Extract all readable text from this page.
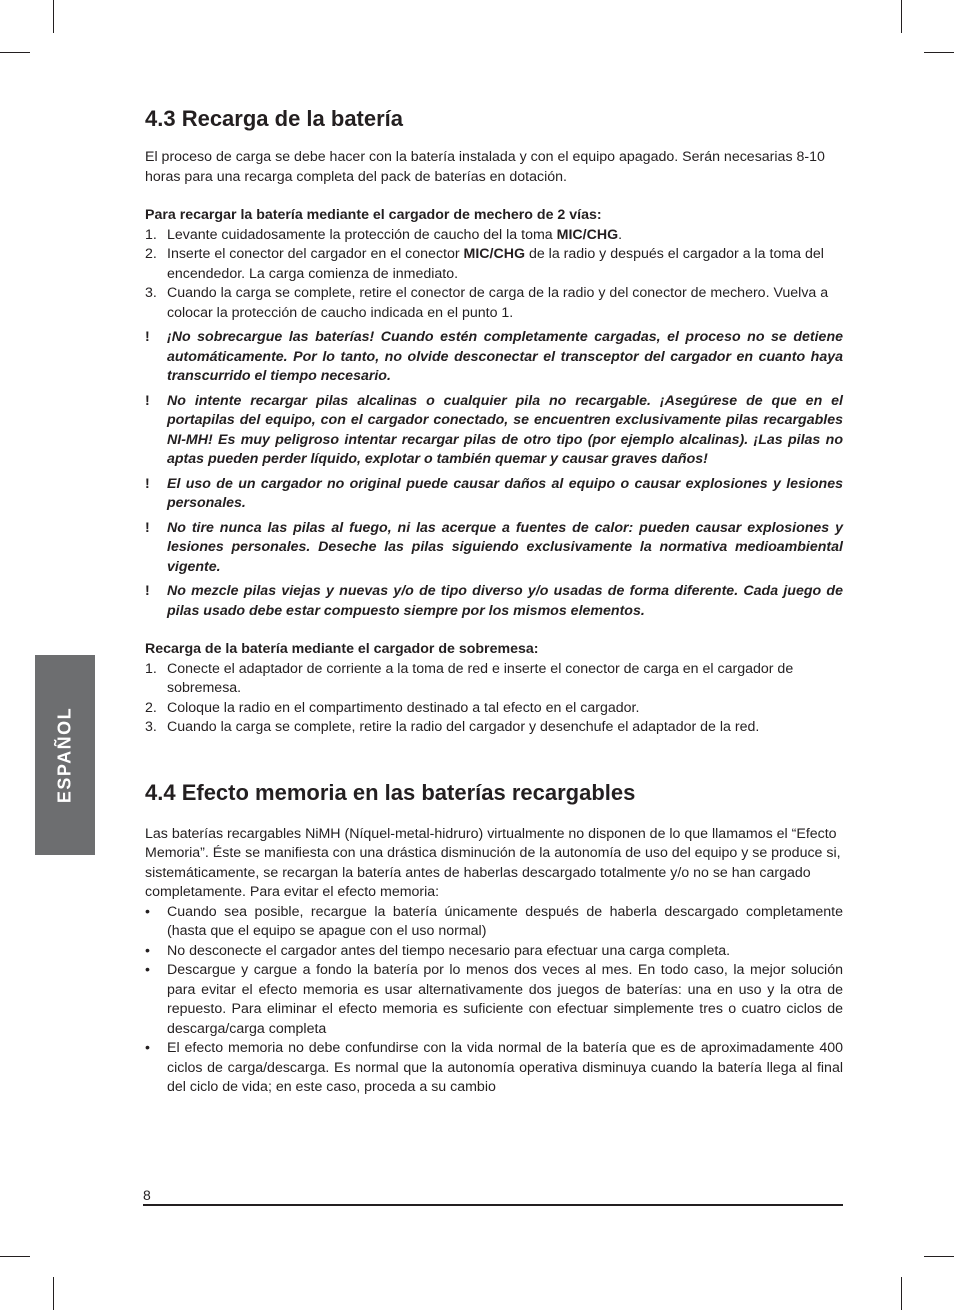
ESPAÑOL
4.3 Recarga de la batería

El proceso de carga se debe hacer con la batería instalada y con el equipo apagado. Serán necesarias 8-10 horas para una recarga completa del pack de baterías en dotación.

Para recargar la batería mediante el cargador de mechero de 2 vías:

1. Levante cuidadosamente la protección de caucho del la toma MIC/CHG.
2. Inserte el conector del cargador en el conector MIC/CHG de la radio y después el cargador a la toma del encendedor. La carga comienza de inmediato.
3. Cuando la carga se complete, retire el conector de carga de la radio y del conector de mechero. Vuelva a colocar la protección de caucho indicada en el punto 1.
! ¡No sobrecargue las baterías! Cuando estén completamente cargadas, el proceso no se detiene automáticamente. Por lo tanto, no olvide desconectar el transceptor del cargador en cuanto haya transcurrido el tiempo necesario.
! No intente recargar pilas alcalinas o cualquier pila no recargable. ¡Asegúrese de que en el portapilas del equipo, con el cargador conectado, se encuentren exclusivamente pilas recargables NI-MH! Es muy peligroso intentar recargar pilas de otro tipo (por ejemplo alcalinas). ¡Las pilas no aptas pueden perder líquido, explotar o también quemar y causar graves daños!
! El uso de un cargador no original puede causar daños al equipo o causar explosiones y lesiones personales.
! No tire nunca las pilas al fuego, ni las acerque a fuentes de calor: pueden causar explosiones y lesiones personales. Deseche las pilas siguiendo exclusivamente la normativa medioambiental vigente.
! No mezcle pilas viejas y nuevas y/o de tipo diverso y/o usadas de forma diferente. Cada juego de pilas usado debe estar compuesto siempre por los mismos elementos.

Recarga de la batería mediante el cargador de sobremesa:

1. Conecte el adaptador de corriente a la toma de red e inserte el conector de carga en el cargador de sobremesa.
2. Coloque la radio en el compartimento destinado a tal efecto en el cargador.
3. Cuando la carga se complete, retire la radio del cargador y desenchufe el adaptador de la red.
4.4 Efecto memoria en las baterías recargables

Las baterías recargables NiMH (Níquel-metal-hidruro) virtualmente no disponen de lo que llamamos el “Efecto Memoria”. Éste se manifiesta con una drástica disminución de la autonomía de uso del equipo y se produce si, sistemáticamente, se recargan la batería antes de haberlas descargado totalmente y/o no se han cargado completamente. Para evitar el efecto memoria:

• Cuando sea posible, recargue la batería únicamente después de haberla descargado completamente (hasta que el equipo se apague con el uso normal)
• No desconecte el cargador antes del tiempo necesario para efectuar una carga completa.
• Descargue y cargue a fondo la batería por lo menos dos veces al mes. En todo caso, la mejor solución para evitar el efecto memoria es usar alternativamente dos juegos de baterías: una en uso y la otra de repuesto. Para eliminar el efecto memoria es suficiente con efectuar simplemente tres o cuatro ciclos de descarga/carga completa
• El efecto memoria no debe confundirse con la vida normal de la batería que es de aproximadamente 400 ciclos de carga/descarga. Es normal que la autonomía operativa disminuya cuando la batería llega al final del ciclo de vida; en este caso, proceda a su cambio
8
